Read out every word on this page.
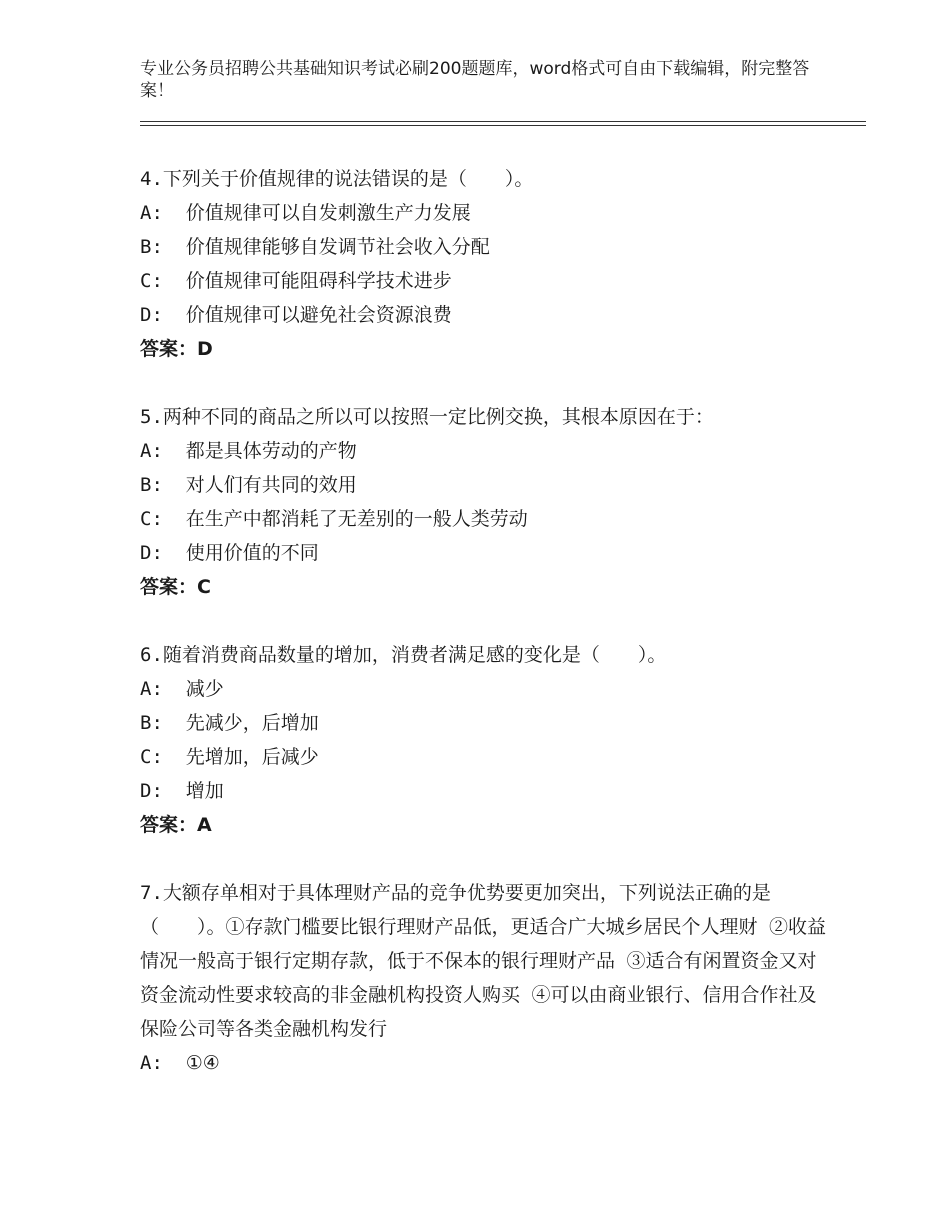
专业公务员招聘公共基础知识考试必刷200题题库，word格式可自由下载编辑，附完整答案！

4.下列关于价值规律的说法错误的是（　　）。

A:  价值规律可以自发刺激生产力发展

B:  价值规律能够自发调节社会收入分配

C:  价值规律可能阻碍科学技术进步

D:  价值规律可以避免社会资源浪费

答案：D

5.两种不同的商品之所以可以按照一定比例交换，其根本原因在于：

A:  都是具体劳动的产物

B:  对人们有共同的效用

C:  在生产中都消耗了无差别的一般人类劳动

D:  使用价值的不同

答案：C

6.随着消费商品数量的增加，消费者满足感的变化是（　　）。

A:  减少

B:  先减少，后增加

C:  先增加，后减少

D:  增加

答案：A

7.大额存单相对于具体理财产品的竞争优势要更加突出，下列说法正确的是（　　）。①存款门槛要比银行理财产品低，更适合广大城乡居民个人理财 ②收益情况一般高于银行定期存款，低于不保本的银行理财产品 ③适合有闲置资金又对资金流动性要求较高的非金融机构投资人购买 ④可以由商业银行、信用合作社及保险公司等各类金融机构发行

A:  ①④
